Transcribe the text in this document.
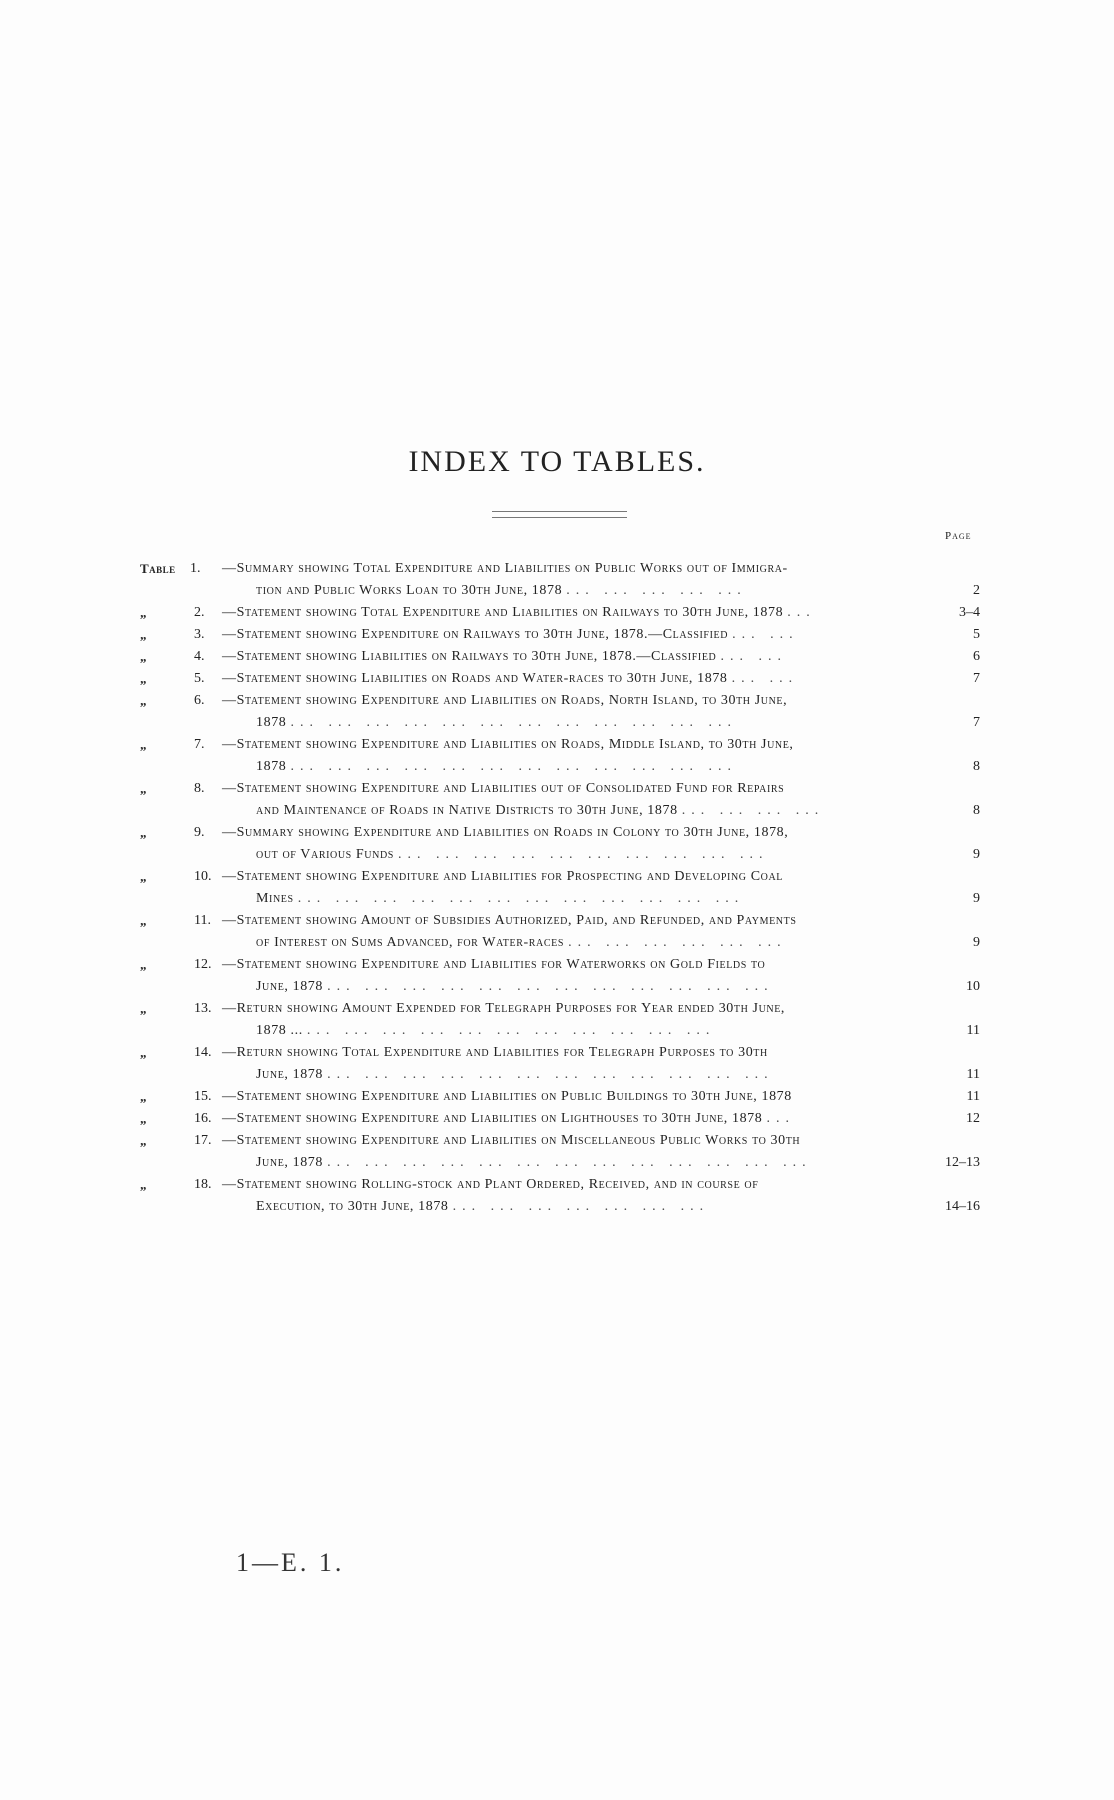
INDEX TO TABLES.
Page
Table 1. —Summary showing Total Expenditure and Liabilities on Public Works out of Immigra-
tion and Public Works Loan to 30th June, 1878 ... ... ... ... ...	2
„	2. —Statement showing Total Expenditure and Liabilities on Railways to 30th June, 1878 ...	3–4
„	3. —Statement showing Expenditure on Railways to 30th June, 1878.—Classified ... ...	5
„	4. —Statement showing Liabilities on Railways to 30th June, 1878.—Classified ... ...	6
„	5. —Statement showing Liabilities on Roads and Water-races to 30th June, 1878 ... ...	7
„	6. —Statement showing Expenditure and Liabilities on Roads, North Island, to 30th June,
1878 ... ... ... ... ... ... ... ... ... ... ... ...	7
„	7. —Statement showing Expenditure and Liabilities on Roads, Middle Island, to 30th June,
1878 ... ... ... ... ... ... ... ... ... ... ... ...	8
„	8. —Statement showing Expenditure and Liabilities out of Consolidated Fund for Repairs
and Maintenance of Roads in Native Districts to 30th June, 1878 ... ... ... ...	8
„	9. —Summary showing Expenditure and Liabilities on Roads in Colony to 30th June, 1878,
out of Various Funds ... ... ... ... ... ... ... ... ... ...	9
„	10. —Statement showing Expenditure and Liabilities for Prospecting and Developing Coal
Mines ... ... ... ... ... ... ... ... ... ... ... ...	9
„	11. —Statement showing Amount of Subsidies Authorized, Paid, and Refunded, and Payments
of Interest on Sums Advanced, for Water-races ... ... ... ... ... ...	9
„	12. —Statement showing Expenditure and Liabilities for Waterworks on Gold Fields to
June, 1878 ... ... ... ... ... ... ... ... ... ... ... ...	10
„	13. —Return showing Amount Expended for Telegraph Purposes for Year ended 30th June,
1878 ... ... ... ... ... ... ... ... ... ... ... ...	11
„	14. —Return showing Total Expenditure and Liabilities for Telegraph Purposes to 30th
June, 1878 ... ... ... ... ... ... ... ... ... ... ... ...	11
„	15. —Statement showing Expenditure and Liabilities on Public Buildings to 30th June, 1878	11
„	16. —Statement showing Expenditure and Liabilities on Lighthouses to 30th June, 1878 ...	12
„	17. —Statement showing Expenditure and Liabilities on Miscellaneous Public Works to 30th
June, 1878 ... ... ... ... ... ... ... ... ... ... ... ... ...	12–13
„	18. —Statement showing Rolling-stock and Plant Ordered, Received, and in course of
Execution, to 30th June, 1878 ... ... ... ... ... ... ...	14–16
1—E. 1.
